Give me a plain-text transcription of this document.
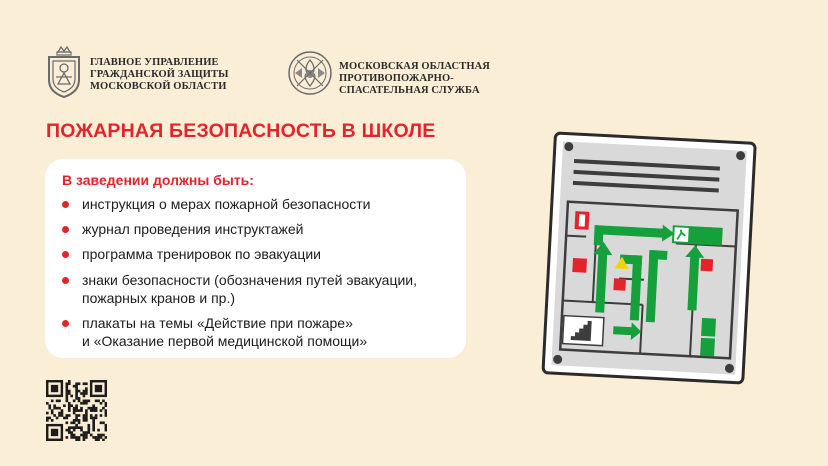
ГЛАВНОЕ УПРАВЛЕНИЕ
ГРАЖДАНСКОЙ ЗАЩИТЫ
МОСКОВСКОЙ ОБЛАСТИ
МОСКОВСКАЯ ОБЛАСТНАЯ
ПРОТИВОПОЖАРНО-
СПАСАТЕЛЬНАЯ СЛУЖБА
ПОЖАРНАЯ БЕЗОПАСНОСТЬ В ШКОЛЕ
В заведении должны быть:
инструкция о мерах пожарной безопасности
журнал проведения инструктажей
программа тренировок по эвакуации
знаки безопасности (обозначения путей эвакуации,
пожарных кранов и пр.)
плакаты на темы «Действие при пожаре»
и «Оказание первой медицинской помощи»
